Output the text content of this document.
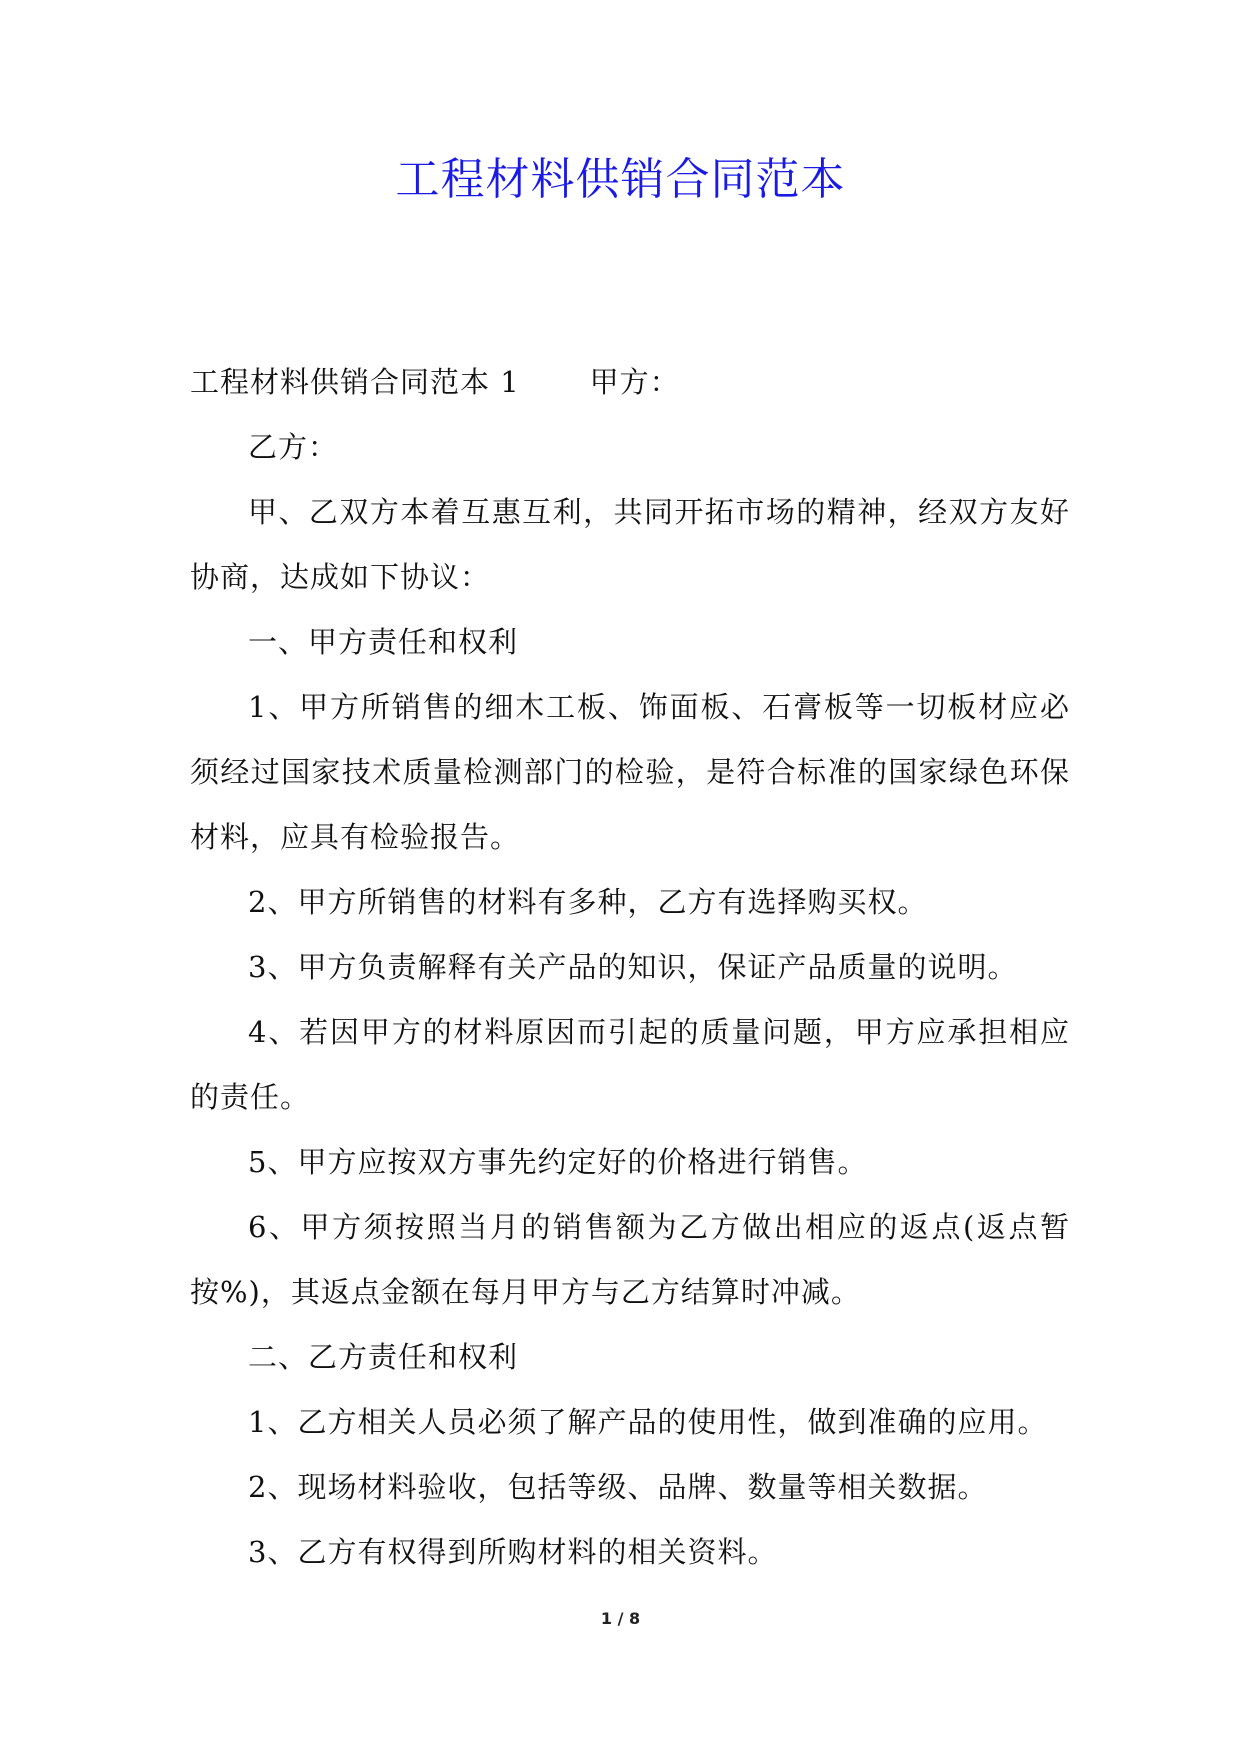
工程材料供销合同范本

工程材料供销合同范本 1 甲方：

乙方：

甲、乙双方本着互惠互利，共同开拓市场的精神，经双方友好协商，达成如下协议：

一、甲方责任和权利

1、甲方所销售的细木工板、饰面板、石膏板等一切板材应必须经过国家技术质量检测部门的检验，是符合标准的国家绿色环保材料，应具有检验报告。

2、甲方所销售的材料有多种，乙方有选择购买权。

3、甲方负责解释有关产品的知识，保证产品质量的说明。

4、若因甲方的材料原因而引起的质量问题，甲方应承担相应的责任。

5、甲方应按双方事先约定好的价格进行销售。

6、甲方须按照当月的销售额为乙方做出相应的返点(返点暂按%)，其返点金额在每月甲方与乙方结算时冲减。

二、乙方责任和权利

1、乙方相关人员必须了解产品的使用性，做到准确的应用。

2、现场材料验收，包括等级、品牌、数量等相关数据。

3、乙方有权得到所购材料的相关资料。

1 / 8
